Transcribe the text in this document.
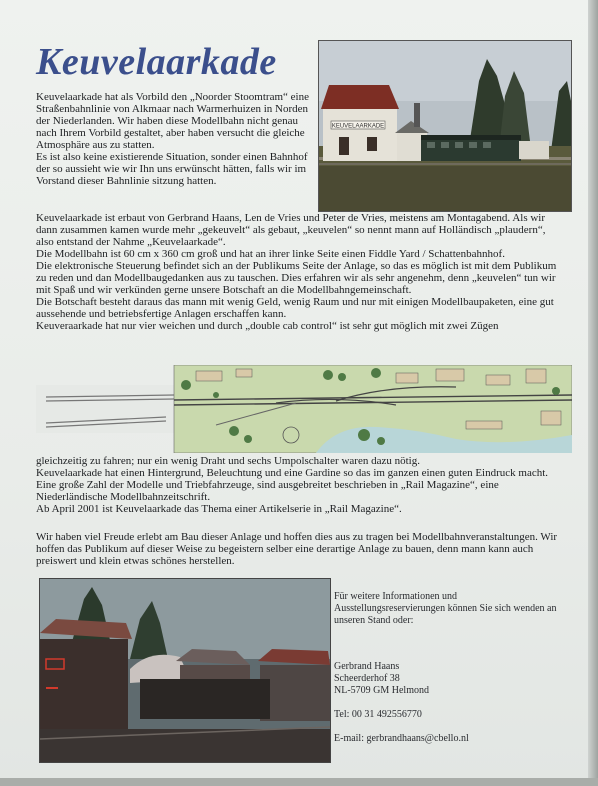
Keuvelaarkade
KEUVELAARKADE

Keuvelaarkade hat als Vorbild den „Noorder Stoomtram“ eine Straßenbahnlinie von Alkmaar nach Warmerhuizen in Norden der Niederlanden. Wir haben diese Modellbahn nicht genau nach Ihrem Vorbild gestaltet, aber haben versucht die gleiche Atmosphäre aus zu statten.

Es ist also keine existierende Situation, sonder einen Bahnhof der so aussieht wie wir Ihn uns erwünscht hätten, falls wir im Vorstand dieser Bahnlinie sitzung hatten.

Keuvelaarkade ist erbaut von Gerbrand Haans, Len de Vries und Peter de Vries, meistens am Montagabend. Als wir dann zusammen kamen wurde mehr „gekeuvelt“ als gebaut, „keuvelen“ so nennt mann auf Holländisch „plaudern“, also entstand der Nahme „Keuvelaarkade“.

Die Modellbahn ist 60 cm x 360 cm groß und hat an ihrer linke Seite einen Fiddle Yard / Schattenbahnhof.

Die elektronische Steuerung befindet sich an der Publikums Seite der Anlage, so das es möglich ist mit dem Publikum zu reden und dan Modellbaugedanken aus zu tauschen. Dies erfahren wir als sehr angenehm, denn „keuvelen“ tun wir mit Spaß und wir verkünden gerne unsere Botschaft an die Modellbahngemeinschaft.

Die Botschaft besteht daraus das mann mit wenig Geld, wenig Raum und nur mit einigen Modellbaupaketen, eine gut aussehende und betriebsfertige Anlagen erschaffen kann.

Keuveraarkade hat nur vier weichen und durch „double cab control“ ist sehr gut möglich mit zwei Zügen

gleichzeitig zu fahren; nur ein wenig Draht und sechs Umpolschalter waren dazu nötig.

Keuvelaarkade hat einen Hintergrund, Beleuchtung und eine Gardine so das im ganzen einen guten Eindruck macht.

Eine große Zahl der Modelle und Triebfahrzeuge, sind ausgebreitet beschrieben in „Rail Magazine“, eine Niederländische Modellbahnzeitschrift.

Ab April 2001 ist Keuvelaarkade das Thema einer Artikelserie in „Rail Magazine“.

Wir haben viel Freude erlebt am Bau dieser Anlage und hoffen dies aus zu tragen bei Modellbahnveranstaltungen. Wir hoffen das Publikum auf dieser Weise zu begeistern selber eine derartige Anlage zu bauen, denn mann kann auch preiswert und klein etwas schönes herstellen.

Für weitere Informationen und Ausstellungsreservierungen können Sie sich wenden an unseren Stand oder:

Gerbrand Haans

Scheerderhof 38

NL-5709 GM Helmond

Tel: 00 31 492556770

E-mail: gerbrandhaans@cbello.nl
